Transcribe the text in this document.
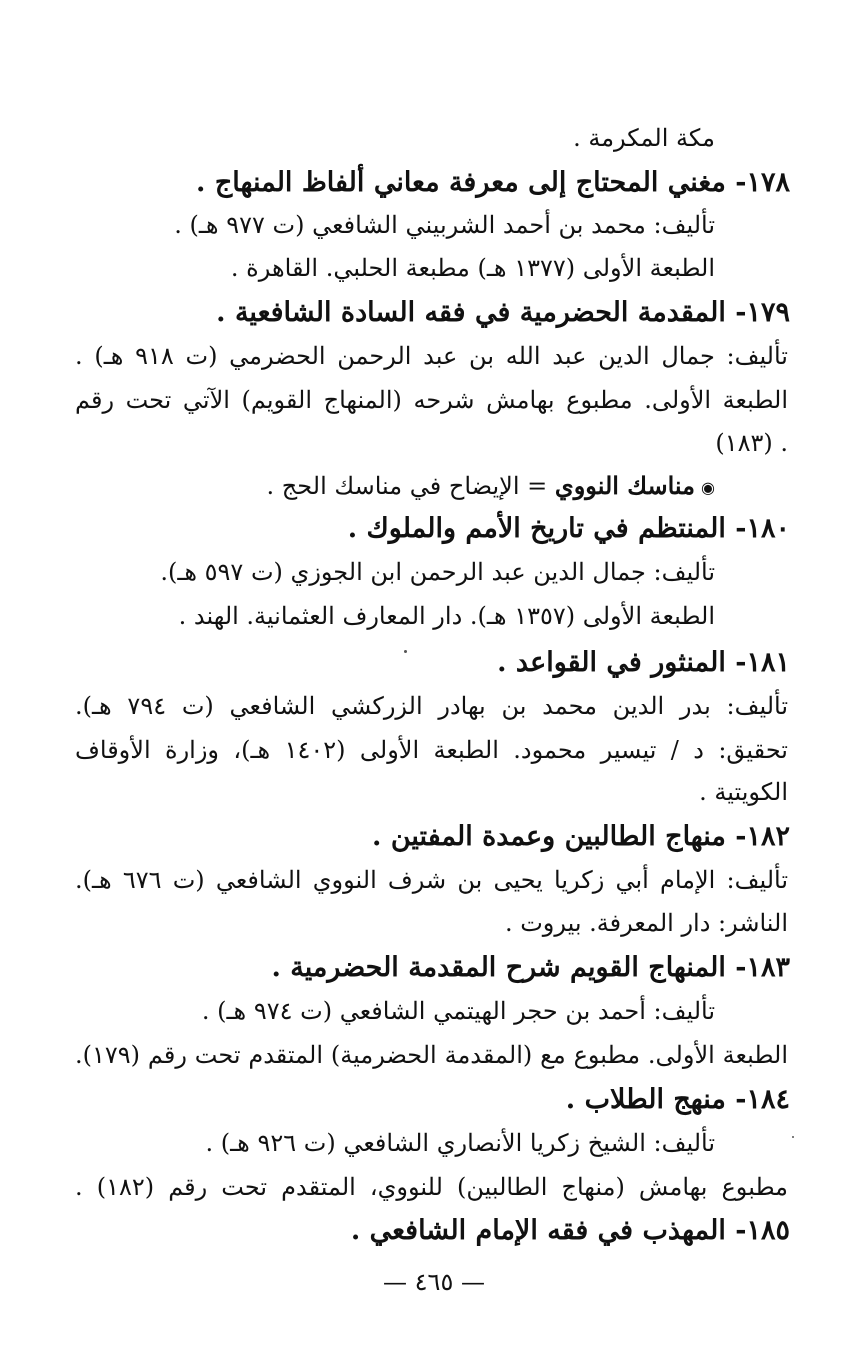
مكة المكرمة .
١٧٨- مغني المحتاج إلى معرفة معاني ألفاظ المنهاج .
تأليف: محمد بن أحمد الشربيني الشافعي (ت ٩٧٧ هـ) .
الطبعة الأولى (١٣٧٧ هـ) مطبعة الحلبي. القاهرة .
١٧٩- المقدمة الحضرمية في فقه السادة الشافعية .
تأليف: جمال الدين عبد الله بن عبد الرحمن الحضرمي (ت ٩١٨ هـ) .
الطبعة الأولى. مطبوع بهامش شرحه (المنهاج القويم) الآتي تحت رقم
. (١٨٣)
◉مناسك النووي = الإيضاح في مناسك الحج .
١٨٠- المنتظم في تاريخ الأمم والملوك .
تأليف: جمال الدين عبد الرحمن ابن الجوزي (ت ٥٩٧ هـ).
الطبعة الأولى (١٣٥٧ هـ). دار المعارف العثمانية. الهند .
١٨١- المنثور في القواعد .
تأليف: بدر الدين محمد بن بهادر الزركشي الشافعي (ت ٧٩٤ هـ).
تحقيق: د / تيسير محمود. الطبعة الأولى (١٤٠٢ هـ)، وزارة الأوقاف
الكويتية .
١٨٢- منهاج الطالبين وعمدة المفتين .
تأليف: الإمام أبي زكريا يحيى بن شرف النووي الشافعي (ت ٦٧٦ هـ).
الناشر: دار المعرفة. بيروت .
١٨٣- المنهاج القويم شرح المقدمة الحضرمية .
تأليف: أحمد بن حجر الهيتمي الشافعي (ت ٩٧٤ هـ) .
الطبعة الأولى. مطبوع مع (المقدمة الحضرمية) المتقدم تحت رقم (١٧٩).
١٨٤- منهج الطلاب .
تأليف: الشيخ زكريا الأنصاري الشافعي (ت ٩٢٦ هـ) .
مطبوع بهامش (منهاج الطالبين) للنووي، المتقدم تحت رقم (١٨٢) .
١٨٥- المهذب في فقه الإمام الشافعي .
— ٤٦٥ —
